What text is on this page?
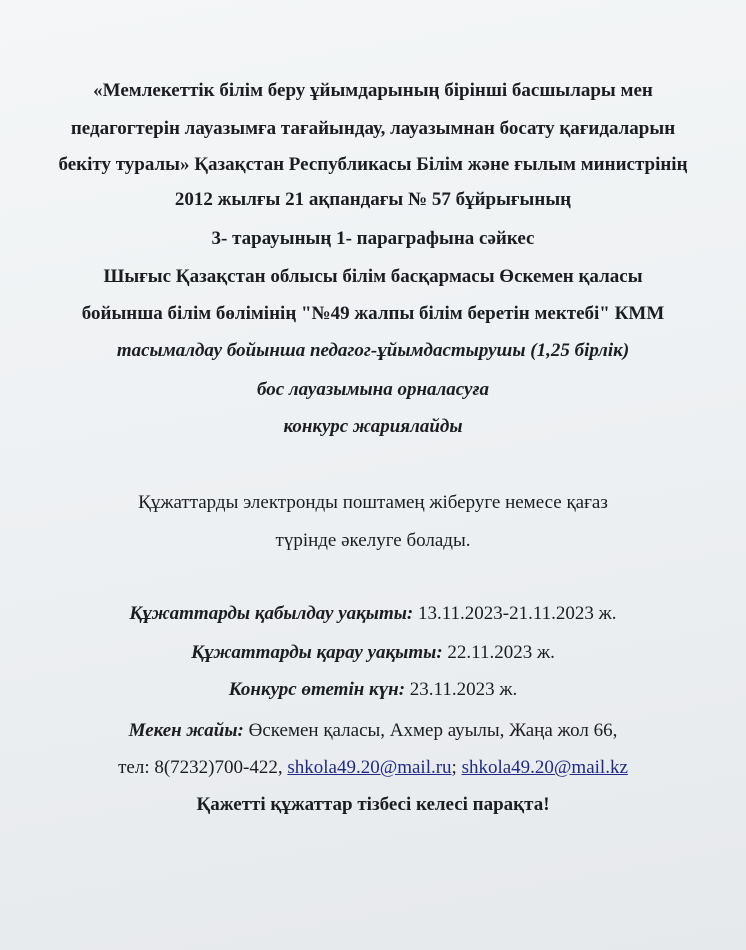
«Мемлекеттік білім беру ұйымдарының бірінші басшылары мен
педагогтерін лауазымға тағайындау, лауазымнан босату қағидаларын
бекіту туралы» Қазақстан Республикасы Білім және ғылым министрінің
2012 жылғы 21 ақпандағы № 57 бұйрығының
3- тарауының 1- параграфына сәйкес
Шығыс Қазақстан облысы білім басқармасы Өскемен қаласы
бойынша білім бөлімінің "№49 жалпы білім беретін мектебі" КММ
тасымалдау бойынша педагог-ұйымдастырушы (1,25 бірлік)
бос лауазымына орналасуға
конкурс жариялайды
Құжаттарды электронды поштамең жіберуге немесе қағаз
түрінде әкелуге болады.
Құжаттарды қабылдау уақыты: 13.11.2023-21.11.2023 ж.
Құжаттарды қарау уақыты: 22.11.2023 ж.
Конкурс өтетін күн: 23.11.2023 ж.
Мекен жайы: Өскемен қаласы, Ахмер ауылы, Жаңа жол 66,
тел: 8(7232)700-422, shkola49.20@mail.ru; shkola49.20@mail.kz
Қажетті құжаттар тізбесі келесі парақта!
